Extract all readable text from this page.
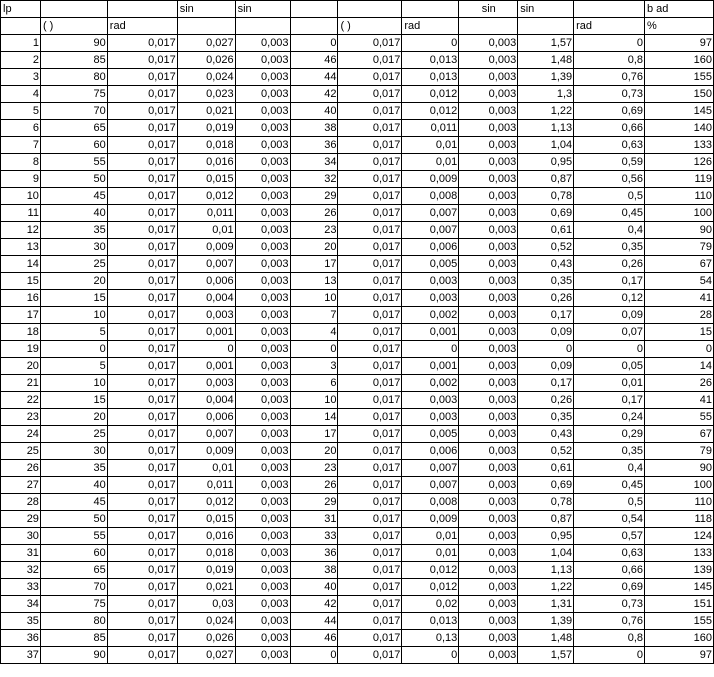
lp			sin	sin				sin	sin		b ad
	( )	rad				( )	rad			rad	%
1	90	0,017	0,027	0,003	0	0,017	0	0,003	1,57	0	97
2	85	0,017	0,026	0,003	46	0,017	0,013	0,003	1,48	0,8	160
3	80	0,017	0,024	0,003	44	0,017	0,013	0,003	1,39	0,76	155
4	75	0,017	0,023	0,003	42	0,017	0,012	0,003	1,3	0,73	150
5	70	0,017	0,021	0,003	40	0,017	0,012	0,003	1,22	0,69	145
6	65	0,017	0,019	0,003	38	0,017	0,011	0,003	1,13	0,66	140
7	60	0,017	0,018	0,003	36	0,017	0,01	0,003	1,04	0,63	133
8	55	0,017	0,016	0,003	34	0,017	0,01	0,003	0,95	0,59	126
9	50	0,017	0,015	0,003	32	0,017	0,009	0,003	0,87	0,56	119
10	45	0,017	0,012	0,003	29	0,017	0,008	0,003	0,78	0,5	110
11	40	0,017	0,011	0,003	26	0,017	0,007	0,003	0,69	0,45	100
12	35	0,017	0,01	0,003	23	0,017	0,007	0,003	0,61	0,4	90
13	30	0,017	0,009	0,003	20	0,017	0,006	0,003	0,52	0,35	79
14	25	0,017	0,007	0,003	17	0,017	0,005	0,003	0,43	0,26	67
15	20	0,017	0,006	0,003	13	0,017	0,003	0,003	0,35	0,17	54
16	15	0,017	0,004	0,003	10	0,017	0,003	0,003	0,26	0,12	41
17	10	0,017	0,003	0,003	7	0,017	0,002	0,003	0,17	0,09	28
18	5	0,017	0,001	0,003	4	0,017	0,001	0,003	0,09	0,07	15
19	0	0,017	0	0,003	0	0,017	0	0,003	0	0	0
20	5	0,017	0,001	0,003	3	0,017	0,001	0,003	0,09	0,05	14
21	10	0,017	0,003	0,003	6	0,017	0,002	0,003	0,17	0,01	26
22	15	0,017	0,004	0,003	10	0,017	0,003	0,003	0,26	0,17	41
23	20	0,017	0,006	0,003	14	0,017	0,003	0,003	0,35	0,24	55
24	25	0,017	0,007	0,003	17	0,017	0,005	0,003	0,43	0,29	67
25	30	0,017	0,009	0,003	20	0,017	0,006	0,003	0,52	0,35	79
26	35	0,017	0,01	0,003	23	0,017	0,007	0,003	0,61	0,4	90
27	40	0,017	0,011	0,003	26	0,017	0,007	0,003	0,69	0,45	100
28	45	0,017	0,012	0,003	29	0,017	0,008	0,003	0,78	0,5	110
29	50	0,017	0,015	0,003	31	0,017	0,009	0,003	0,87	0,54	118
30	55	0,017	0,016	0,003	33	0,017	0,01	0,003	0,95	0,57	124
31	60	0,017	0,018	0,003	36	0,017	0,01	0,003	1,04	0,63	133
32	65	0,017	0,019	0,003	38	0,017	0,012	0,003	1,13	0,66	139
33	70	0,017	0,021	0,003	40	0,017	0,012	0,003	1,22	0,69	145
34	75	0,017	0,03	0,003	42	0,017	0,02	0,003	1,31	0,73	151
35	80	0,017	0,024	0,003	44	0,017	0,013	0,003	1,39	0,76	155
36	85	0,017	0,026	0,003	46	0,017	0,13	0,003	1,48	0,8	160
37	90	0,017	0,027	0,003	0	0,017	0	0,003	1,57	0	97
